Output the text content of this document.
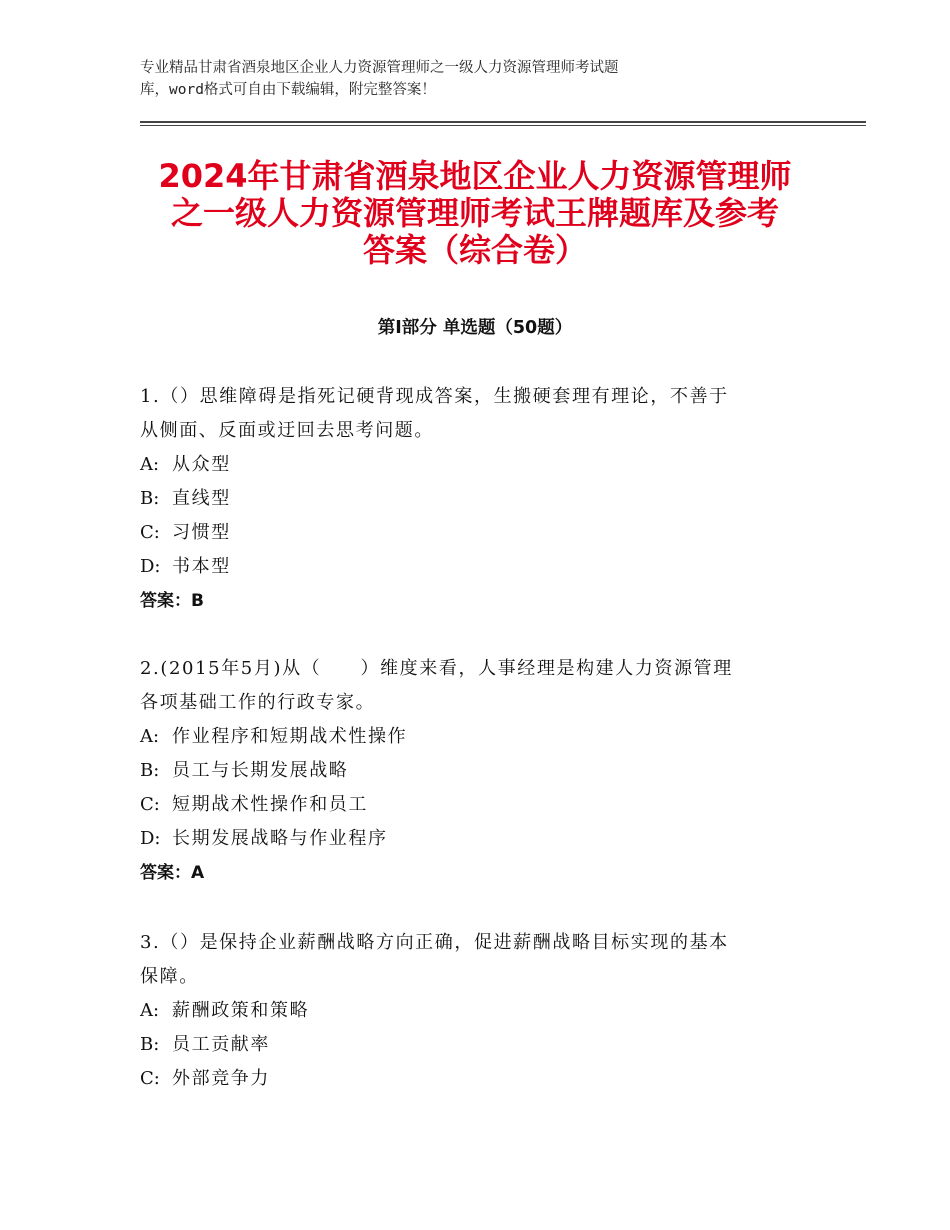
专业精品甘肃省酒泉地区企业人力资源管理师之一级人力资源管理师考试题
库，word格式可自由下载编辑，附完整答案！
2024年甘肃省酒泉地区企业人力资源管理师
之一级人力资源管理师考试王牌题库及参考
答案（综合卷）
第Ⅰ部分 单选题（50题）
1.（）思维障碍是指死记硬背现成答案，生搬硬套理有理论，不善于
从侧面、反面或迂回去思考问题。
A: 从众型
B: 直线型
C: 习惯型
D: 书本型
答案：B
2.(2015年5月)从（　　）维度来看，人事经理是构建人力资源管理
各项基础工作的行政专家。
A: 作业程序和短期战术性操作
B: 员工与长期发展战略
C: 短期战术性操作和员工
D: 长期发展战略与作业程序
答案：A
3.（）是保持企业薪酬战略方向正确，促进薪酬战略目标实现的基本
保障。
A: 薪酬政策和策略
B: 员工贡献率
C: 外部竞争力
